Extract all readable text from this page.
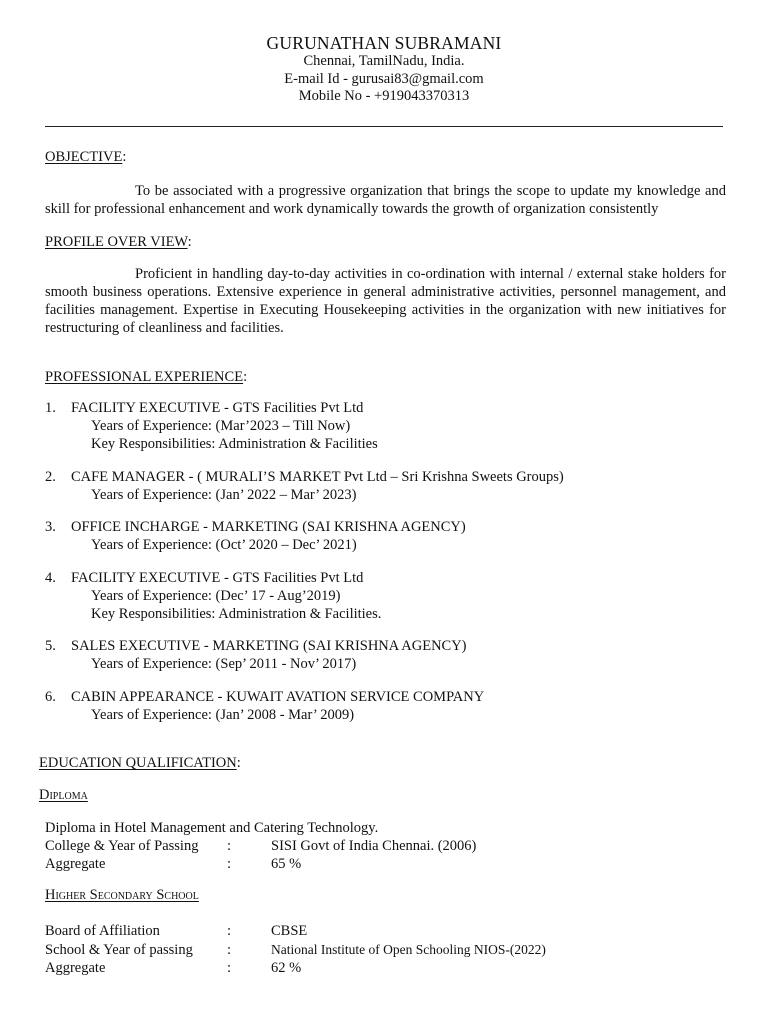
GURUNATHAN SUBRAMANI
Chennai, TamilNadu, India.
E-mail Id - gurusai83@gmail.com
Mobile No - +919043370313
OBJECTIVE:
To be associated with a progressive organization that brings the scope to update my knowledge and skill for professional enhancement and work dynamically towards the growth of organization consistently
PROFILE OVER VIEW:
Proficient in handling day-to-day activities in co-ordination with internal / external stake holders for smooth business operations. Extensive experience in general administrative activities, personnel management, and facilities management. Expertise in Executing Housekeeping activities in the organization with new initiatives for restructuring of cleanliness and facilities.
PROFESSIONAL EXPERIENCE:
1. FACILITY EXECUTIVE - GTS Facilities Pvt Ltd
Years of Experience: (Mar’2023 – Till Now)
Key Responsibilities: Administration & Facilities
2. CAFE MANAGER - ( MURALI’S MARKET Pvt Ltd – Sri Krishna Sweets Groups)
Years of Experience: (Jan’ 2022 – Mar’ 2023)
3. OFFICE INCHARGE - MARKETING (SAI KRISHNA AGENCY)
Years of Experience: (Oct’ 2020 – Dec’ 2021)
4. FACILITY EXECUTIVE - GTS Facilities Pvt Ltd
Years of Experience: (Dec’ 17 - Aug’2019)
Key Responsibilities: Administration & Facilities.
5. SALES EXECUTIVE - MARKETING (SAI KRISHNA AGENCY)
Years of Experience: (Sep’ 2011 - Nov’ 2017)
6. CABIN APPEARANCE - KUWAIT AVATION SERVICE COMPANY
Years of Experience: (Jan’ 2008 - Mar’ 2009)
EDUCATION QUALIFICATION:
Diploma
Diploma in Hotel Management and Catering Technology.
College & Year of Passing :	SISI Govt of India Chennai. (2006)
Aggregate	:	65 %
Higher Secondary School
Board of Affiliation	:	CBSE
School & Year of passing :	National Institute of Open Schooling NIOS-(2022)
Aggregate	:	62 %
